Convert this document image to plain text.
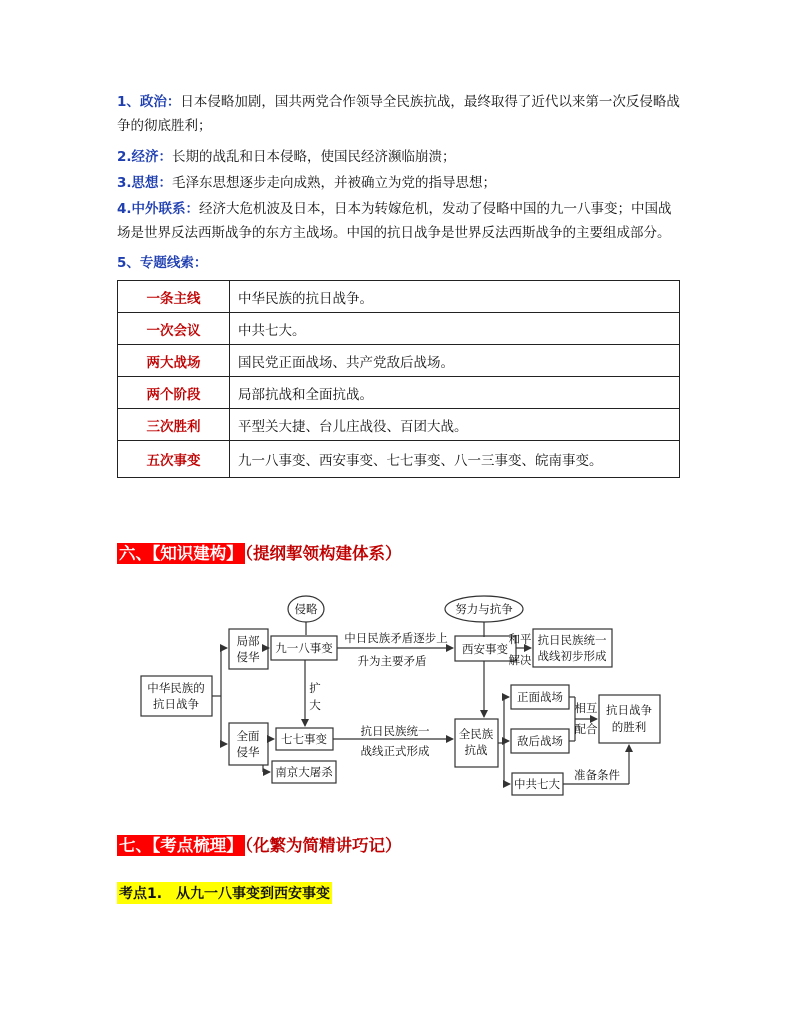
1、政治：日本侵略加剧，国共两党合作领导全民族抗战，最终取得了近代以来第一次反侵略战争的彻底胜利；
2.经济：长期的战乱和日本侵略，使国民经济濒临崩溃；
3.思想：毛泽东思想逐步走向成熟，并被确立为党的指导思想；
4.中外联系：经济大危机波及日本，日本为转嫁危机，发动了侵略中国的九一八事变；中国战场是世界反法西斯战争的东方主战场。中国的抗日战争是世界反法西斯战争的主要组成部分。
5、专题线索：
一条主线	中华民族的抗日战争。
一次会议	中共七大。
两大战场	国民党正面战场、共产党敌后战场。
两个阶段	局部抗战和全面抗战。
三次胜利	平型关大捷、台儿庄战役、百团大战。
五次事变	九一八事变、西安事变、七七事变、八一三事变、皖南事变。
六、【知识建构】 （提纲挈领构建体系）
侵略	努力与抗争
中华民族的
抗日战争
局部
侵华
全面
侵华
九一八事变
七七事变
南京大屠杀
西安事变
全民族
抗战
中日民族矛盾逐步上
升为主要矛盾
扩
大
和平
解决
抗日民族统一
战线初步形成
抗日民族统一
战线正式形成
正面战场
敌后战场
中共七大
相互
配合
准备条件
抗日战争
的胜利
七、【考点梳理】 （化繁为简精讲巧记）
考点1.　从九一八事变到西安事变
